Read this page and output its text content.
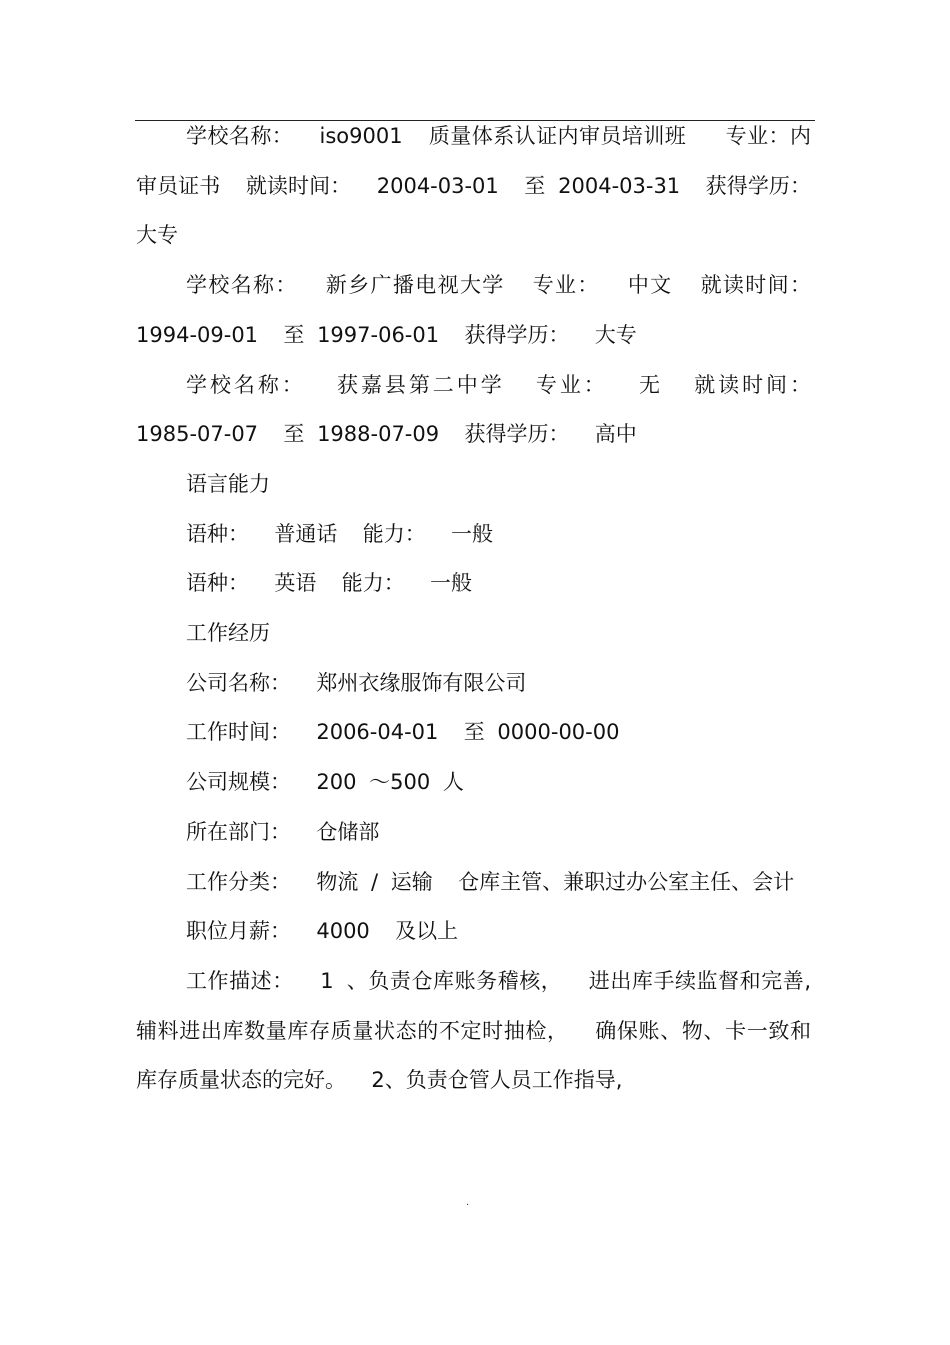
学校名称：  iso9001  质量体系认证内审员培训班   专业：内审员证书  就读时间：  2004-03-01  至 2004-03-31  获得学历：  大专

学校名称：  新乡广播电视大学  专业：  中文  就读时间：1994-09-01  至 1997-06-01  获得学历：  大专

学校名称：  获嘉县第二中学  专业：  无  就读时间：  1985-07-07  至 1988-07-09  获得学历：  高中

语言能力

语种：  普通话  能力：  一般

语种：  英语  能力：  一般

工作经历

公司名称：  郑州衣缘服饰有限公司

工作时间：  2006-04-01  至 0000-00-00

公司规模：  200 ～500 人

所在部门：  仓储部

工作分类：  物流 / 运输  仓库主管、兼职过办公室主任、会计

职位月薪：  4000  及以上

工作描述：  1 、负责仓库账务稽核，  进出库手续监督和完善, 辅料进出库数量库存质量状态的不定时抽检，  确保账、物、卡一致和库存质量状态的完好。  2、负责仓管人员工作指导,

.
